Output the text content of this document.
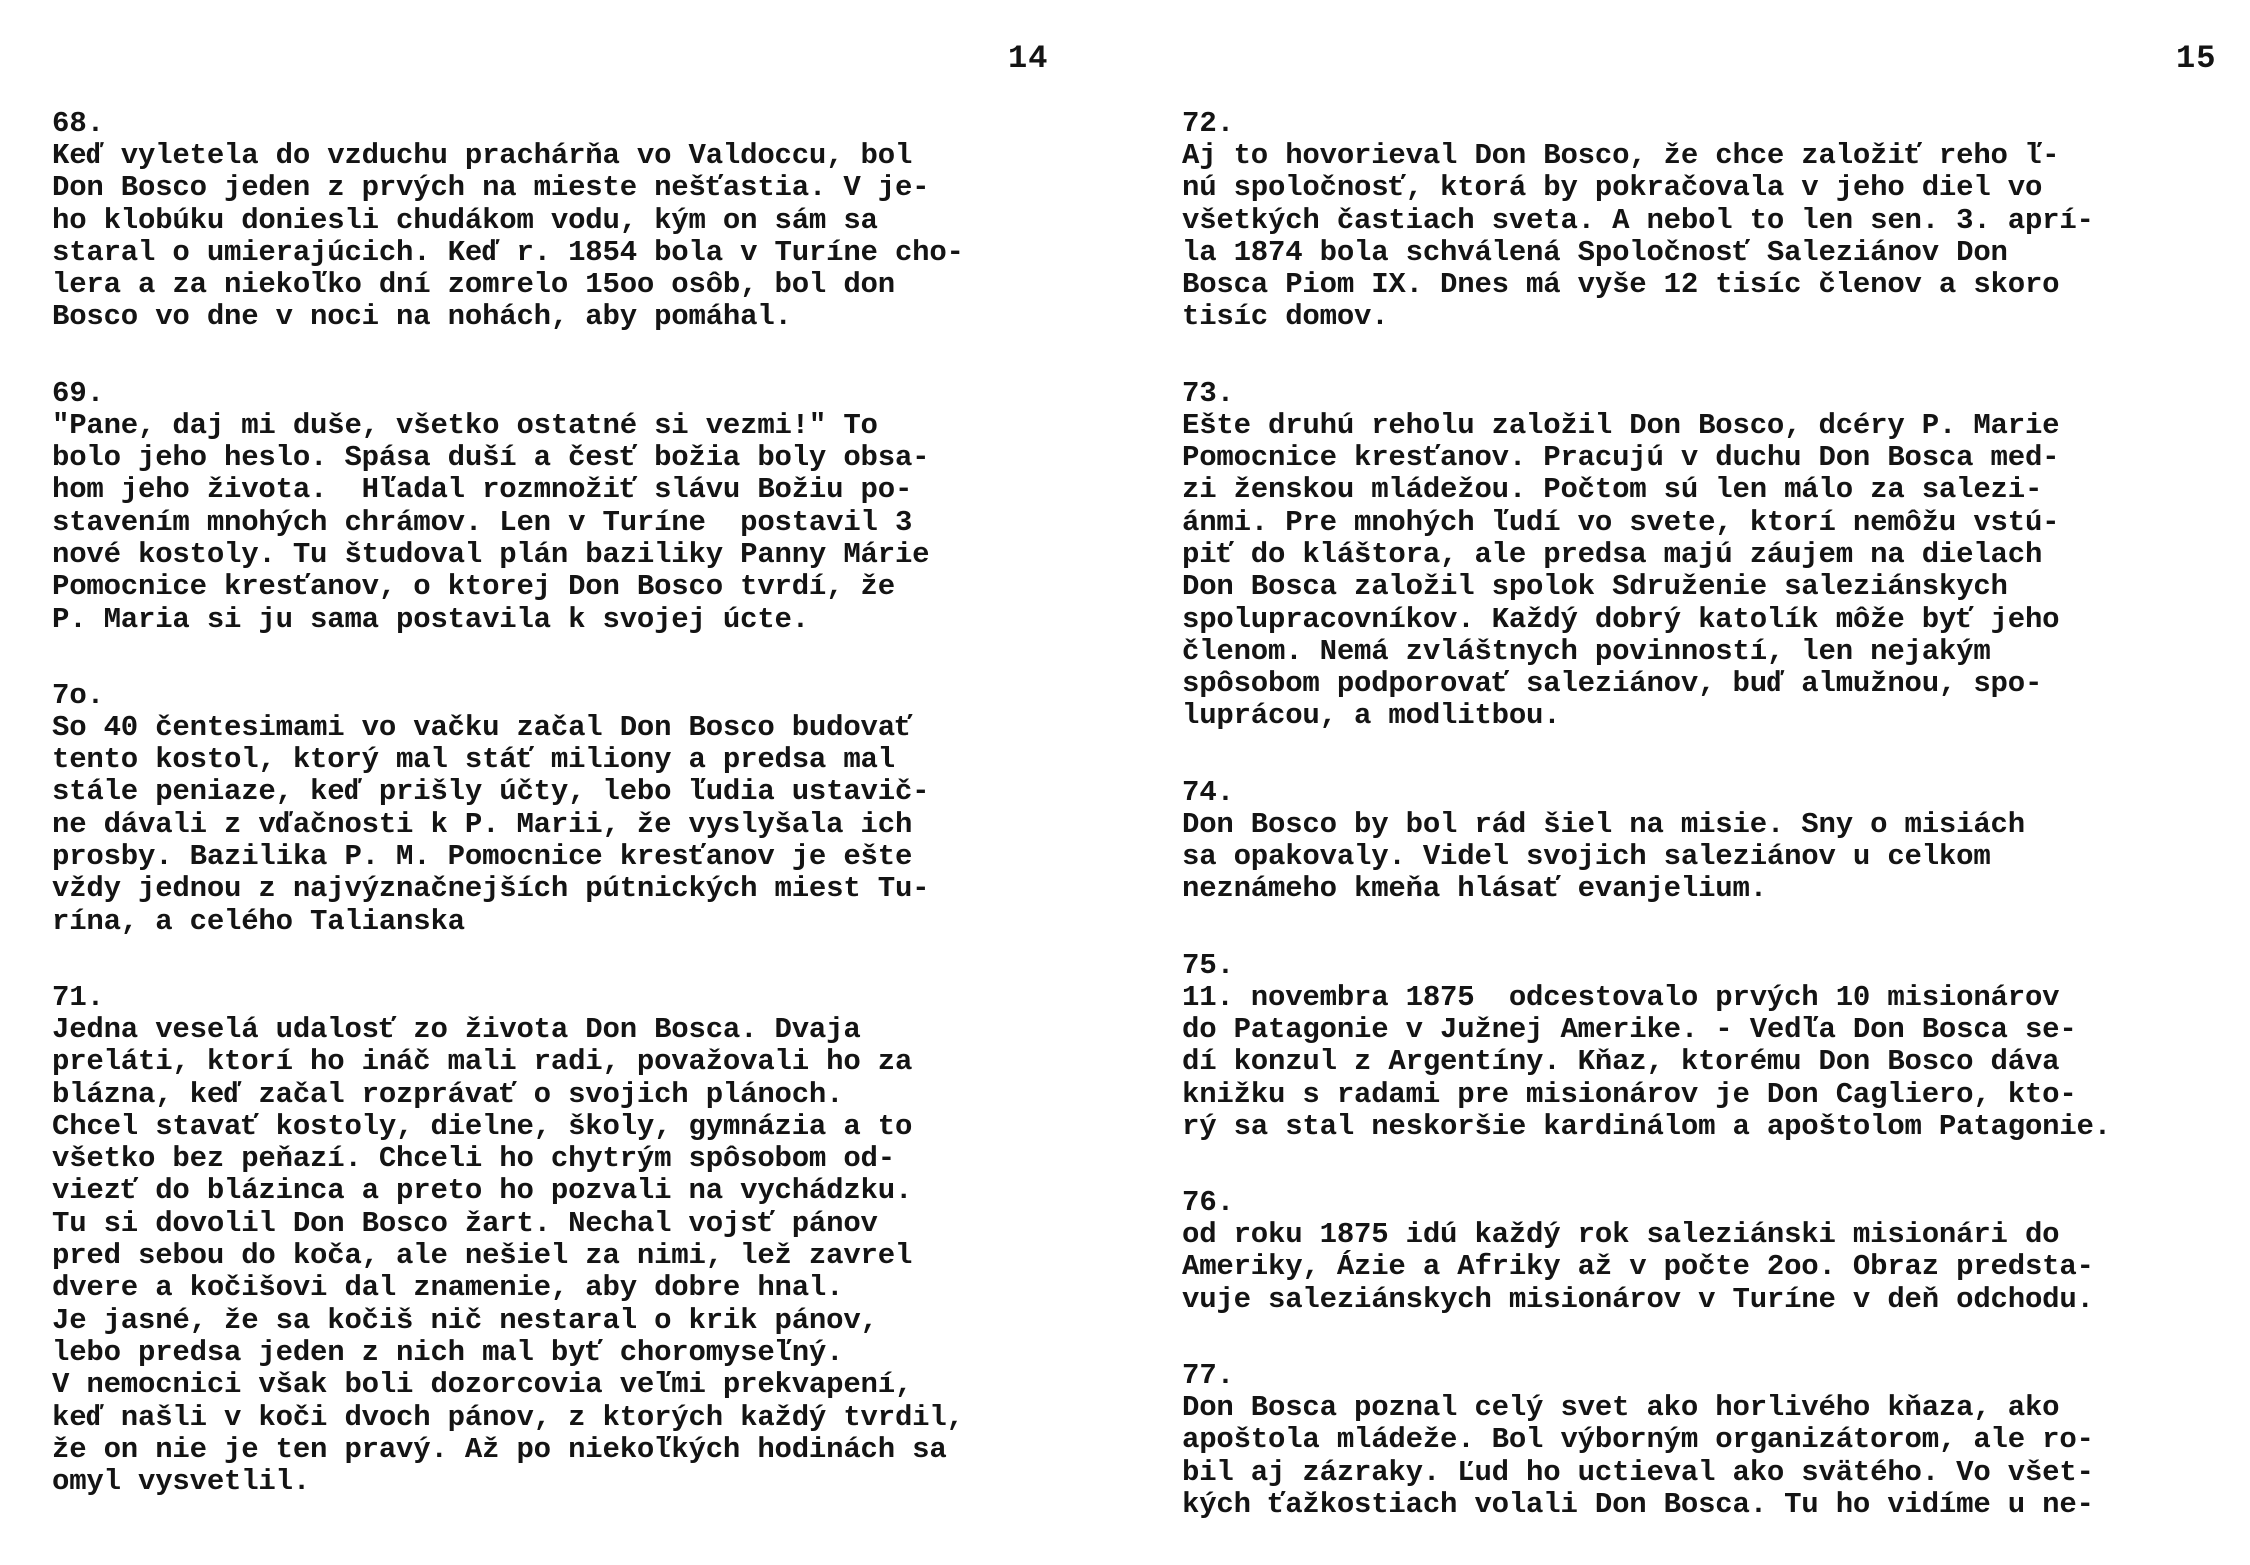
14	15
68.
Keď vyletela do vzduchu prachárňa vo Valdoccu, bol
Don Bosco jeden z prvých na mieste nešťastia. V je-
ho klobúku doniesli chudákom vodu, kým on sám sa
staral o umierajúcich. Keď r. 1854 bola v Turíne cho-
lera a za niekoľko dní zomrelo 15oo osôb, bol don
Bosco vo dne v noci na nohách, aby pomáhal.
69.
"Pane, daj mi duše, všetko ostatné si vezmi!" To
bolo jeho heslo. Spása duší a česť božia boly obsa-
hom jeho života.  Hľadal rozmnožiť slávu Božiu po-
stavením mnohých chrámov. Len v Turíne  postavil 3
nové kostoly. Tu študoval plán baziliky Panny Márie
Pomocnice kresťanov, o ktorej Don Bosco tvrdí, že
P. Maria si ju sama postavila k svojej úcte.
7o.
So 40 čentesimami vo vačku začal Don Bosco budovať
tento kostol, ktorý mal stáť miliony a predsa mal
stále peniaze, keď prišly účty, lebo ľudia ustavič-
ne dávali z vďačnosti k P. Marii, že vyslyšala ich
prosby. Bazilika P. M. Pomocnice kresťanov je ešte
vždy jednou z najvýznačnejších pútnických miest Tu-
rína, a celého Talianska
71.
Jedna veselá udalosť zo života Don Bosca. Dvaja
preláti, ktorí ho ináč mali radi, považovali ho za
blázna, keď začal rozprávať o svojich plánoch.
Chcel stavať kostoly, dielne, školy, gymnázia a to
všetko bez peňazí. Chceli ho chytrým spôsobom od-
viezť do blázinca a preto ho pozvali na vychádzku.
Tu si dovolil Don Bosco žart. Nechal vojsť pánov
pred sebou do koča, ale nešiel za nimi, lež zavrel
dvere a kočišovi dal znamenie, aby dobre hnal.
Je jasné, že sa kočiš nič nestaral o krik pánov,
lebo predsa jeden z nich mal byť choromyseľný.
V nemocnici však boli dozorcovia veľmi prekvapení,
keď našli v koči dvoch pánov, z ktorých každý tvrdil,
že on nie je ten pravý. Až po niekoľkých hodinách sa
omyl vysvetlil.
72.
Aj to hovorieval Don Bosco, že chce založiť reho ľ-
nú spoločnosť, ktorá by pokračovala v jeho diel vo
všetkých častiach sveta. A nebol to len sen. 3. aprí-
la 1874 bola schválená Spoločnosť Saleziánov Don
Bosca Piom IX. Dnes má vyše 12 tisíc členov a skoro
tisíc domov.
73.
Ešte druhú reholu založil Don Bosco, dcéry P. Marie
Pomocnice kresťanov. Pracujú v duchu Don Bosca med-
zi ženskou mládežou. Počtom sú len málo za salezi-
ánmi. Pre mnohých ľudí vo svete, ktorí nemôžu vstú-
piť do kláštora, ale predsa majú záujem na dielach
Don Bosca založil spolok Sdruženie saleziánskych
spolupracovníkov. Každý dobrý katolík môže byť jeho
členom. Nemá zvláštnych povinností, len nejakým
spôsobom podporovať saleziánov, buď almužnou, spo-
luprácou, a modlitbou.
74.
Don Bosco by bol rád šiel na misie. Sny o misiách
sa opakovaly. Videl svojich saleziánov u celkom
neznámeho kmeňa hlásať evanjelium.
75.
11. novembra 1875  odcestovalo prvých 10 misionárov
do Patagonie v Južnej Amerike. - Vedľa Don Bosca se-
dí konzul z Argentíny. Kňaz, ktorému Don Bosco dáva
knižku s radami pre misionárov je Don Cagliero, kto-
rý sa stal neskoršie kardinálom a apoštolom Patagonie.
76.
od roku 1875 idú každý rok saleziánski misionári do
Ameriky, Ázie a Afriky až v počte 2oo. Obraz predsta-
vuje saleziánskych misionárov v Turíne v deň odchodu.
77.
Don Bosca poznal celý svet ako horlivého kňaza, ako
apoštola mládeže. Bol výborným organizátorom, ale ro-
bil aj zázraky. Ľud ho uctieval ako svätého. Vo všet-
kých ťažkostiach volali Don Bosca. Tu ho vidíme u ne-
